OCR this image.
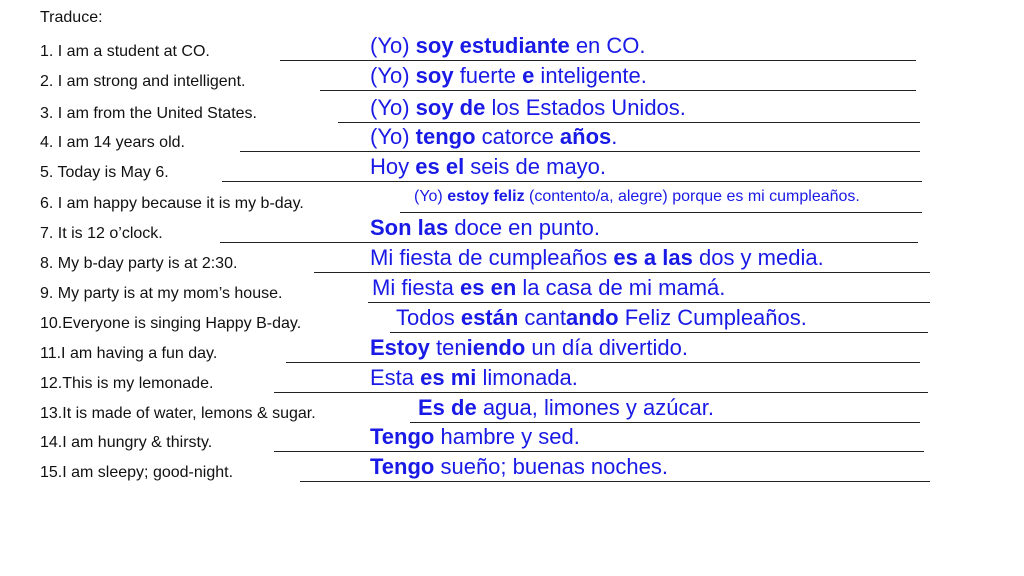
Traduce:
1. I am a student at CO.	(Yo) soy estudiante en CO.
2. I am strong and intelligent.	(Yo) soy fuerte e inteligente.
3. I am from the United States.	(Yo) soy de los Estados Unidos.
4. I am 14 years old.	(Yo) tengo catorce años.
5. Today is May 6.	Hoy es el seis de mayo.
6. I am happy because it is my b-day.	(Yo) estoy feliz (contento/a, alegre) porque es mi cumpleaños.
7. It is 12 o’clock.	Son las doce en punto.
8. My b-day party is at 2:30.	Mi fiesta de cumpleaños es a las dos y media.
9. My party is at my mom’s house.	Mi fiesta es en la casa de mi mamá.
10.Everyone is singing Happy B-day.	Todos están cantando Feliz Cumpleaños.
11.I am having a fun day.	Estoy teniendo un día divertido.
12.This is my lemonade.	Esta es mi limonada.
13.It is made of water, lemons & sugar.	Es de agua, limones y azúcar.
14.I am hungry & thirsty.	Tengo hambre y sed.
15.I am sleepy; good-night.	Tengo sueño; buenas noches.
